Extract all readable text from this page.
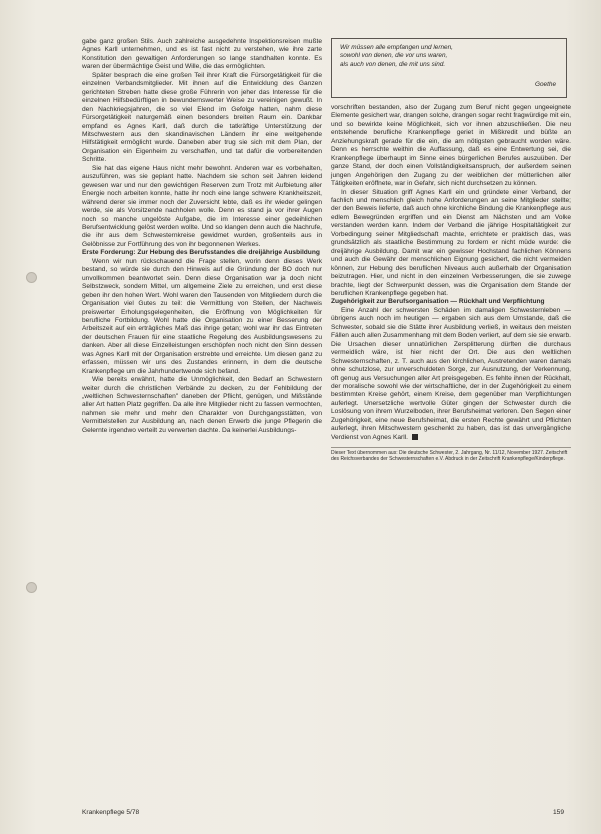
gabe ganz großen Stils. Auch zahlreiche ausgedehnte Inspektionsreisen mußte Agnes Karll unternehmen, und es ist fast nicht zu verstehen, wie ihre zarte Konstitution den gewaltigen Anforderungen so lange standhalten konnte. Es waren der übermächtige Geist und Wille, die das ermöglichten.

Später besprach die eine großen Teil ihrer Kraft die Fürsorgetätigkeit für die einzelnen Verbandsmitglieder. Mit ihnen auf die Entwicklung des Ganzen gerichteten Streben hatte diese große Führerin von jeher das Interesse für die einzelnen Hilfsbedürftigen in bewundernswerter Weise zu vereinigen gewußt. In den Nachkriegsjahren, die so viel Elend im Gefolge hatten, nahm diese Fürsorgetätigkeit naturgemäß einen besonders breiten Raum ein. Dankbar empfand es Agnes Karll, daß durch die tatkräftige Unterstützung der Mitschwestern aus den skandinavischen Ländern ihr eine weitgehende Hilfstätigkeit ermöglicht wurde. Daneben aber trug sie sich mit dem Plan, der Organisation ein Eigenheim zu verschaffen, und tat dafür die vorbereitenden Schritte.

Sie hat das eigene Haus nicht mehr bewohnt. Anderen war es vorbehalten, auszuführen, was sie geplant hatte. Nachdem sie schon seit Jahren leidend gewesen war und nur den gewichtigen Reserven zum Trotz mit Aufbietung aller Energie noch arbeiten konnte, hatte ihr noch eine lange schwere Krankheitszeit, während derer sie immer noch der Zuversicht lebte, daß es ihr wieder gelingen werde, sie als Vorsitzende nachholen wolle. Denn es stand ja vor ihrer Augen noch so manche ungelöste Aufgabe, die im Interesse einer gedeihlichen Berufsentwicklung gelöst werden wollte. Und so klangen denn auch die Nachrufe, die ihr aus dem Schwesternkreise gewidmet wurden, großenteils aus in Gelöbnisse zur Fortführung des von ihr begonnenen Werkes.

Erste Forderung: Zur Hebung des Berufsstandes die dreijährige Ausbildung

Wenn wir nun rückschauend die Frage stellen, worin denn dieses Werk bestand, so würde sie durch den Hinweis auf die Gründung der BO doch nur unvollkommen beantwortet sein. Denn diese Organisation war ja doch nicht Selbstzweck, sondern Mittel, um allgemeine Ziele zu erreichen, und erst diese geben ihr den hohen Wert. Wohl waren den Tausenden von Mitgliedern durch die Organisation viel Gutes zu teil: die Vermittlung von Stellen, der Nachweis preiswerter Erholungsgelegenheiten, die Eröffnung von Möglichkeiten für berufliche Fortbildung. Wohl hatte die Organisation zu einer Besserung der Arbeitszeit auf ein erträgliches Maß das ihrige getan; wohl war ihr das Eintreten der deutschen Frauen für eine staatliche Regelung des Ausbildungswesens zu danken. Aber all diese Einzelleistungen erschöpfen noch nicht den Sinn dessen was Agnes Karll mit der Organisation erstrebte und erreichte. Um diesen ganz zu erfassen, müssen wir uns des Zustandes erinnern, in dem die deutsche Krankenpflege um die Jahrhundertwende sich befand.

Wie bereits erwähnt, hatte die Unmöglichkeit, den Bedarf an Schwestern weiter durch die christlichen Verbände zu decken, zu der Fehlbildung der „weltlichen Schwesternschaften" daneben der Pflicht, genügen, und Mißstände aller Art hatten Platz gegriffen. Da alle ihre Mitglieder nicht zu fassen vermochten, nahmen sie mehr und mehr den Charakter von Durchgangsstätten, von Vermittelstellen zur Ausbildung an, nach denen Erwerb die junge Pflegerin die Gelernte irgendwo verteilt zu verwerten dachte. Da keinerlei Ausbildungs-

Wir müssen alle empfangen und lernen,
sowohl von denen, die vor uns waren,
als auch von denen, die mit uns sind.
Goethe

vorschriften bestanden, also der Zugang zum Beruf nicht gegen ungeeignete Elemente gesichert war, drangen solche, drangen sogar recht fragwürdige mit ein, und so bewirkte keine Möglichkeit, sich vor ihnen abzuschließen. Die neu entstehende berufliche Krankenpflege geriet in Mißkredit und büßte an Anziehungskraft gerade für die ein, die am nötigsten gebraucht worden wäre. Denn es herrschte weithin die Auffassung, daß es eine Entwertung sei, die Krankenpflege überhaupt im Sinne eines bürgerlichen Berufes auszuüben. Der ganze Stand, der doch einen Vollständigkeitsanspruch, der außerdem seinen jungen Angehörigen den Zugang zu der weiblichen der mütterlichen aller Tätigkeiten eröffnete, war in Gefahr, sich nicht durchsetzen zu können.

In dieser Situation griff Agnes Karll ein und gründete einer Verband, der fachlich und menschlich gleich hohe Anforderungen an seine Mitglieder stellte; der den Beweis lieferte, daß auch ohne kirchliche Bindung die Krankenpflege aus edlem Bewegründen ergriffen und ein Dienst am Nächsten und am Volke verstanden werden kann. Indem der Verband die jährige Hospitaltätigkeit zur Vorbedingung seiner Mitgliedschaft machte, errichtete er praktisch das, was grundsätzlich als staatliche Bestimmung zu fordern er nicht müde wurde: die dreijährige Ausbildung. Damit war ein gewisser Hochstand fachlichen Könnens und auch die Gewähr der menschlichen Eignung gesichert, die nicht vermeiden können, zur Hebung des beruflichen Niveaus auch außerhalb der Organisation beizutragen. Hier, und nicht in den einzelnen Verbesserungen, die sie zuwege brachte, liegt der Schwerpunkt dessen, was die Organisation dem Stande der beruflichen Krankenpflege gegeben hat.

Zugehörigkeit zur Berufsorganisation — Rückhalt und Verpflichtung

Eine Anzahl der schwersten Schäden im damaligen Schwesternleben — übrigens auch noch im heutigen — ergaben sich aus dem Umstande, daß die Schwester, sobald sie die Stätte ihrer Ausbildung verließ, in weitaus den meisten Fällen auch allen Zusammenhang mit dem Boden verliert, auf dem sie sie erwarb. Die Ursachen dieser unnatürlichen Zersplitterung dürften die durchaus vermeidlich wäre, ist hier nicht der Ort. Die aus den weltlichen Schwesternschaften, z. T. auch aus den kirchlichen, Austretenden waren damals ohne schutzlose, zur unverschuldeten Sorge, zur Ausnutzung, der Verkennung, oft genug aus Versuchungen aller Art preisgegeben. Es fehlte ihnen der Rückhalt, der moralische sowohl wie der wirtschaftliche, der in der Zugehörigkeit zu einem bestimmten Kreise gehört, einem Kreise, dem gegenüber man Verpflichtungen auferlegt. Unersetzliche wertvolle Güter gingen der Schwester durch die Loslösung von ihrem Wurzelboden, ihrer Berufsheimat verloren. Den Segen einer Zugehörigkeit, eine neue Berufsheimat, die ersten Rechte gewährt und Pflichten auferlegt, ihren Mitschwestern geschenkt zu haben, das ist das unvergängliche Verdienst von Agnes Karll.

Dieser Text übernommen aus: Die deutsche Schwester, 2. Jahrgang, Nr. 11/12, November 1927. Zeitschrift des Reichsverbandes der Schwesternschaften e.V. Abdruck in der Zeitschrift Krankenpflege/Kinderpflege.
Krankenpflege 5/78	159
